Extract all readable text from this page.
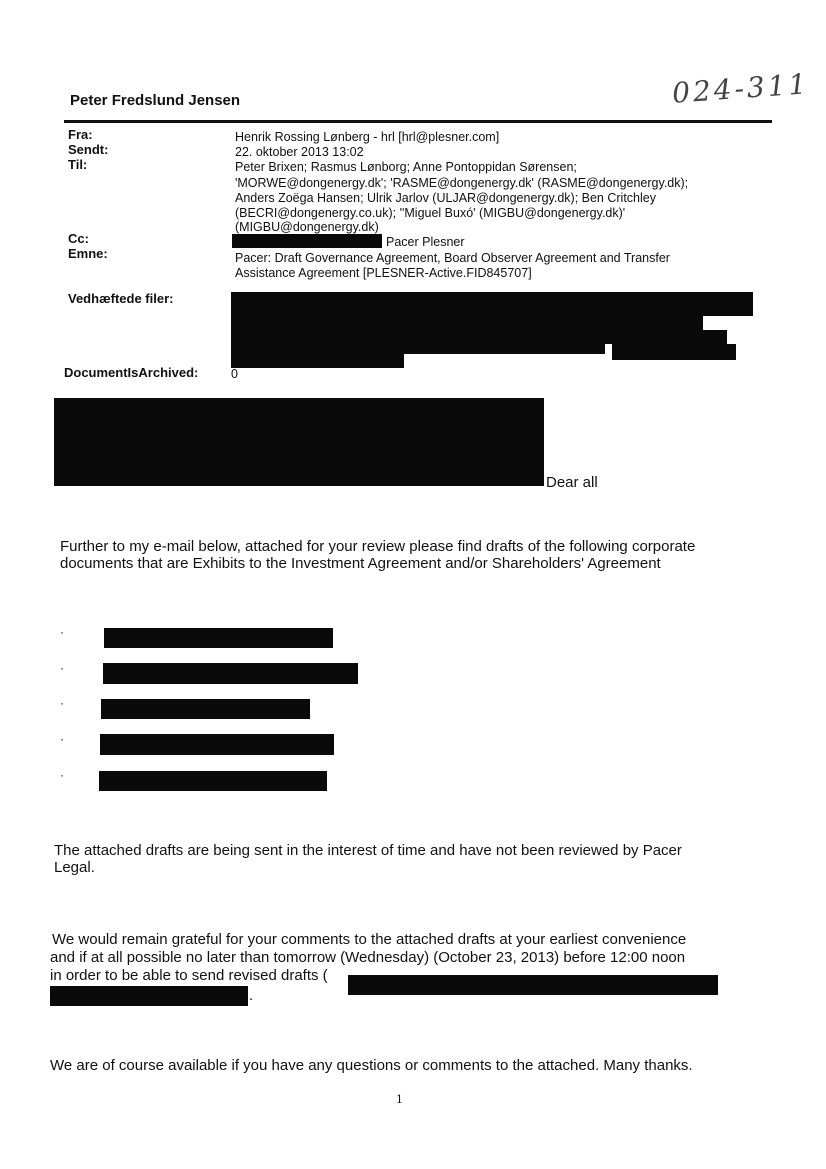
024-311
Peter Fredslund Jensen
Fra:
Sendt:
Til:
Cc:
Emne:
Vedhæftede filer:
DocumentIsArchived:
Henrik Rossing Lønberg - hrl [hrl@plesner.com]
22. oktober 2013 13:02
Peter Brixen; Rasmus Lønborg; Anne Pontoppidan Sørensen;
'MORWE@dongenergy.dk'; 'RASME@dongenergy.dk' (RASME@dongenergy.dk);
Anders Zoëga Hansen; Ulrik Jarlov (ULJAR@dongenergy.dk); Ben Critchley
(BECRI@dongenergy.co.uk); ''Miguel Buxó' (MIGBU@dongenergy.dk)'
(MIGBU@dongenergy.dk)
Pacer Plesner
Pacer: Draft Governance Agreement, Board Observer Agreement and Transfer
Assistance Agreement [PLESNER-Active.FID845707]
0
Dear all
Further to my e-mail below, attached for your review please find drafts of the following corporate
documents that are Exhibits to the Investment Agreement and/or Shareholders' Agreement
·
·
·
·
·
The attached drafts are being sent in the interest of time and have not been reviewed by Pacer
Legal.
We would remain grateful for your comments to the attached drafts at your earliest convenience
and if at all possible no later than tomorrow (Wednesday) (October 23, 2013) before 12:00 noon
in order to be able to send revised drafts (
.
We are of course available if you have any questions or comments to the attached. Many thanks.
1
